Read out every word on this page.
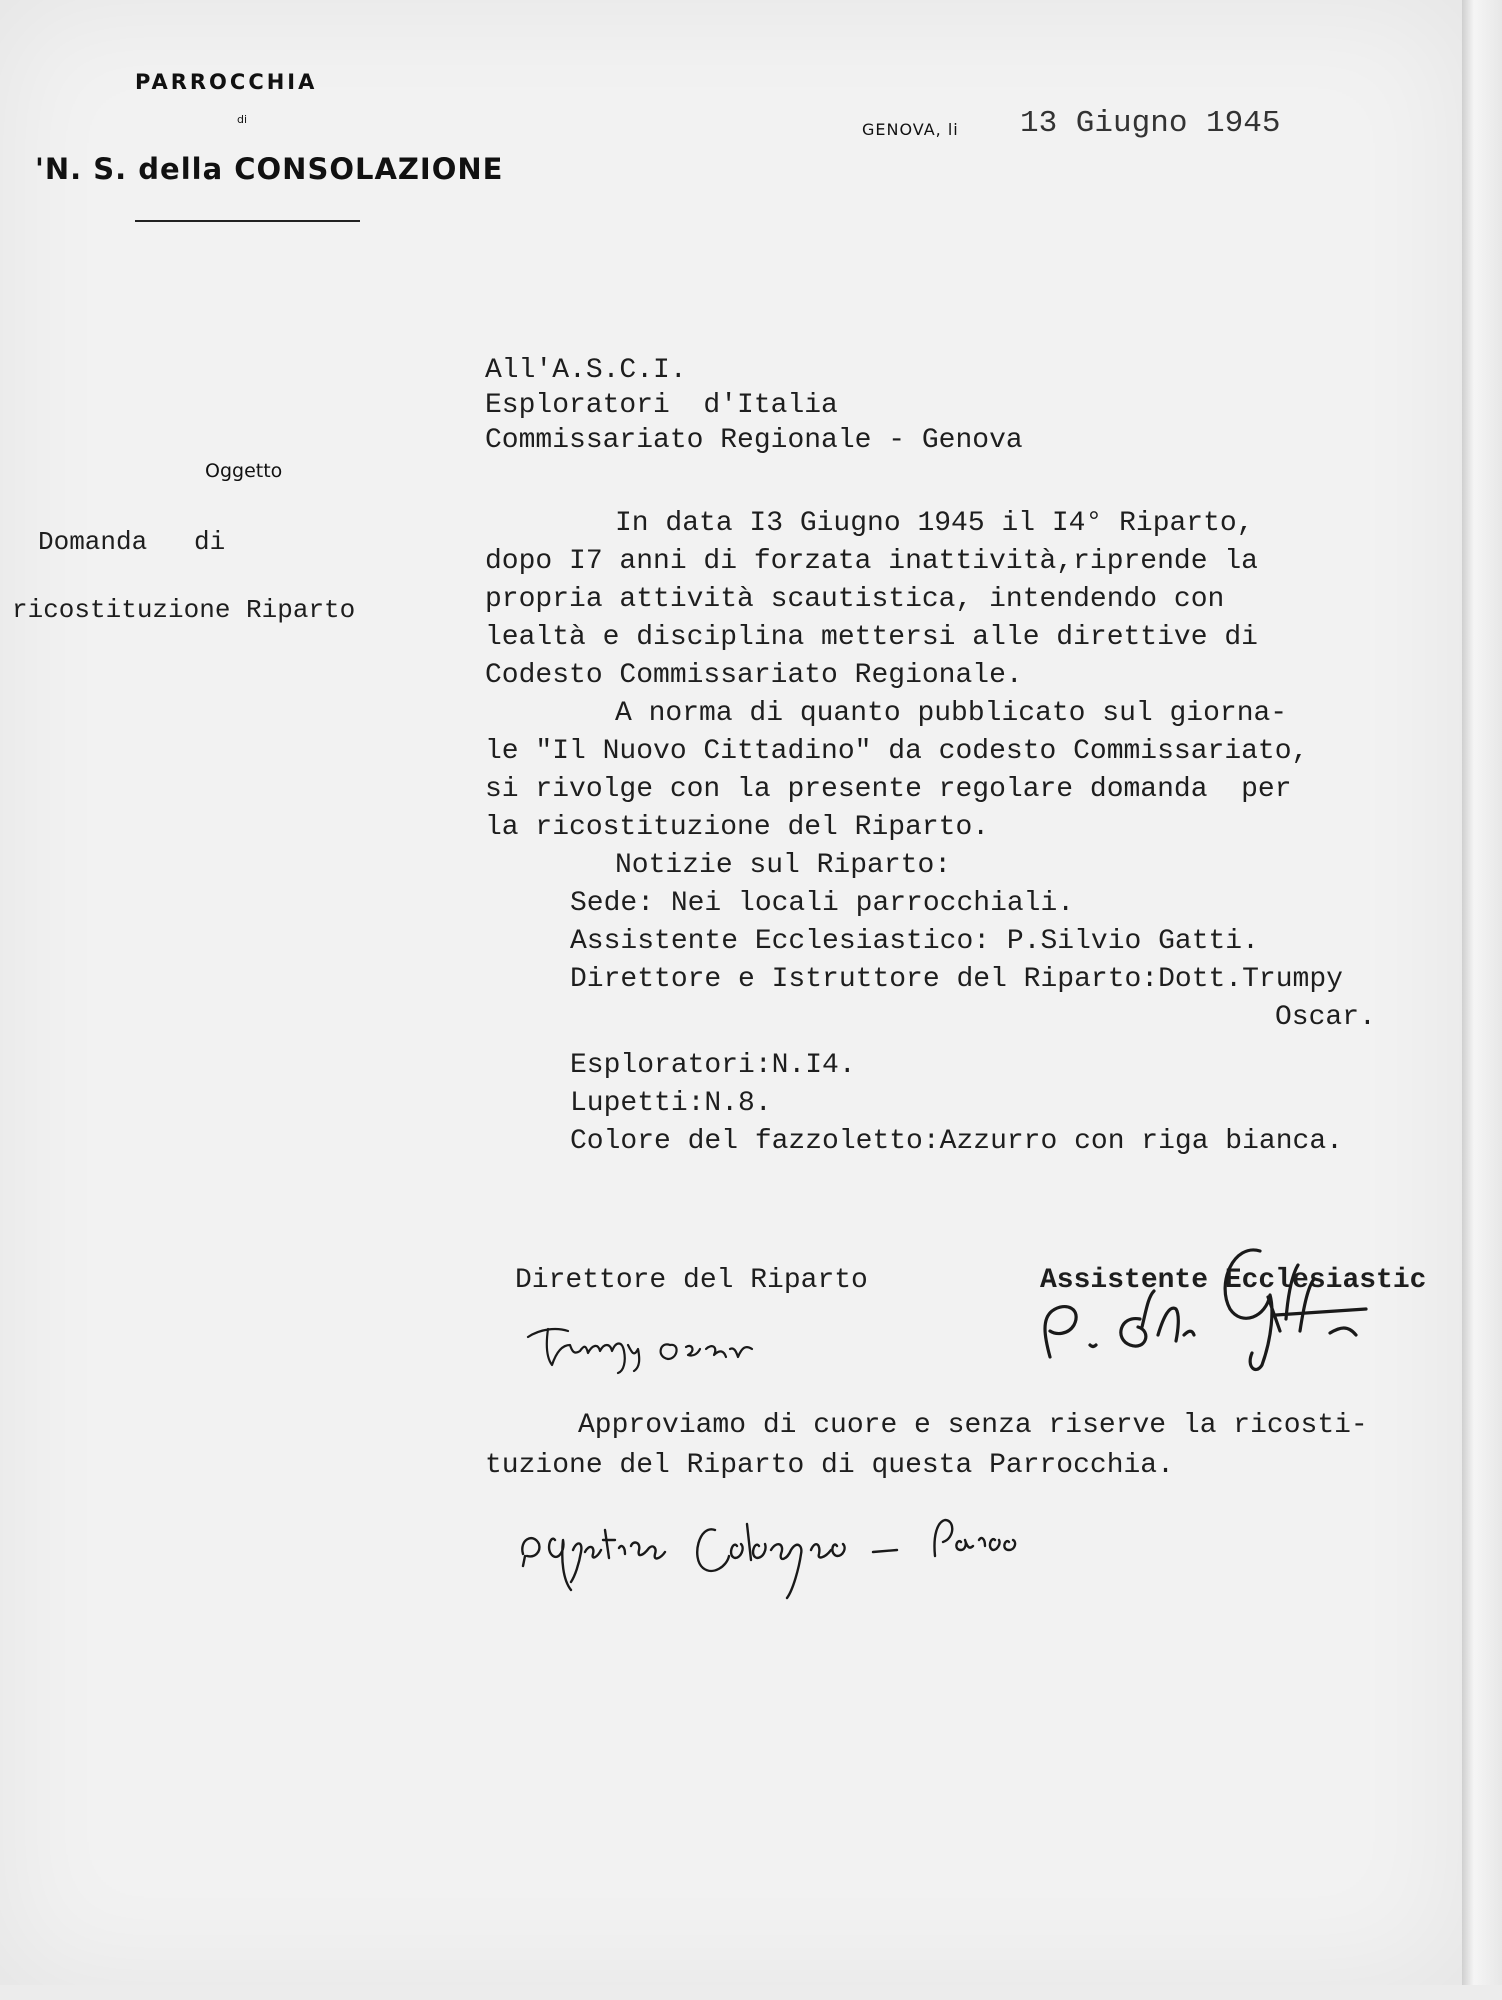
PARROCCHIA
di
'N. S. della CONSOLAZIONE
GENOVA, li 13 Giugno 1945
All'A.S.C.I.
Esploratori  d'Italia
Commissariato Regionale - Genova
Oggetto
Domanda   di
ricostituzione Riparto
In data I3 Giugno 1945 il I4° Riparto,
dopo I7 anni di forzata inattività,riprende la
propria attività scautistica, intendendo con
lealtà e disciplina mettersi alle direttive di
Codesto Commissariato Regionale.
A norma di quanto pubblicato sul giorna-
le "Il Nuovo Cittadino" da codesto Commissariato,
si rivolge con la presente regolare domanda  per
la ricostituzione del Riparto.
Notizie sul Riparto:
Sede: Nei locali parrocchiali.
Assistente Ecclesiastico: P.Silvio Gatti.
Direttore e Istruttore del Riparto:Dott.Trumpy
Oscar.
Esploratori:N.I4.
Lupetti:N.8.
Colore del fazzoletto:Azzurro con riga bianca.
Direttore del Riparto	Assistente Ecclesiastic
Approviamo di cuore e senza riserve la ricosti-
tuzione del Riparto di questa Parrocchia.
